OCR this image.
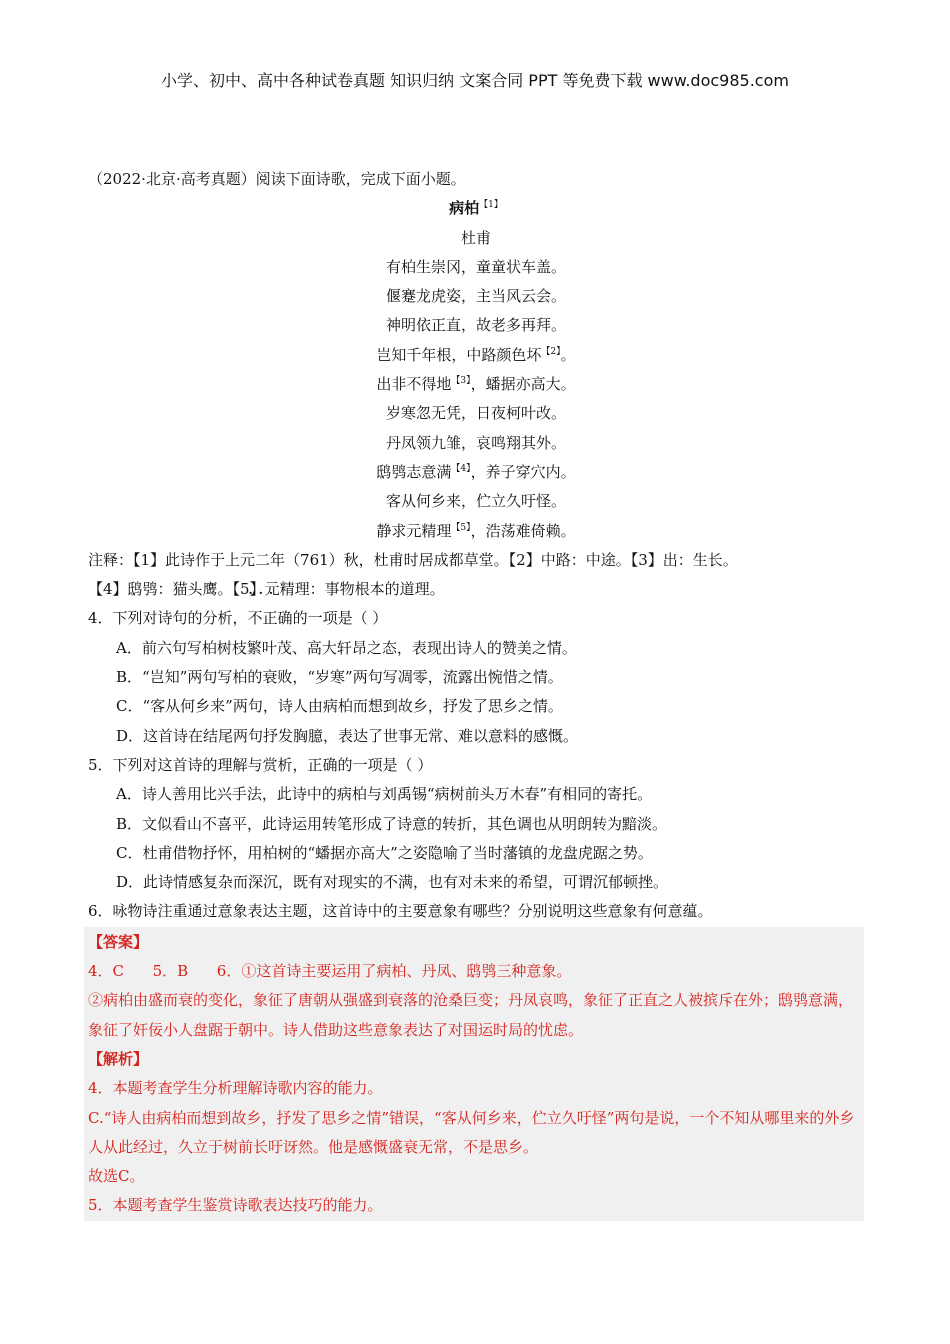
小学、初中、高中各种试卷真题 知识归纳 文案合同 PPT 等免费下载 www.doc985.com
（2022·北京·高考真题）阅读下面诗歌，完成下面小题。
病柏$^{【1】}$
杜甫
有柏生崇冈，童童状车盖。
偃蹇龙虎姿，主当风云会。
神明依正直，故老多再拜。
岂知千年根，中路颜色坏$^{【2】}$。
出非不得地$^{【3】}$，蟠据亦高大。
岁寒忽无凭，日夜柯叶改。
丹凤领九雏，哀鸣翔其外。
鸱鸮志意满$^{【4】}$，养子穿穴内。
客从何乡来，伫立久吁怪。
静求元精理$^{【5】}$，浩荡难倚赖。
注释：【1】此诗作于上元二年（761）秋，杜甫时居成都草堂。【2】中路：中途。【3】出：生长。
【4】鸱鸮：猫头鹰。【5】元精理：事物根本的道理。
4．下列对诗句的分析，· · · 不正确的一项是（ ）
A．前六句写柏树枝繁叶茂、高大轩昂之态，表现出诗人的赞美之情。
B．“岂知”两句写柏的衰败，“岁寒”两句写凋零，流露出惋惜之情。
C．“客从何乡来”两句，诗人由病柏而想到故乡，抒发了思乡之情。
D．这首诗在结尾两句抒发胸臆，表达了世事无常、难以意料的感慨。
5．下列对这首诗的理解与赏析，正确的一项是（ ）
A．诗人善用比兴手法，此诗中的病柏与刘禹锡“病树前头万木春”有相同的寄托。
B．文似看山不喜平，此诗运用转笔形成了诗意的转折，其色调也从明朗转为黯淡。
C．杜甫借物抒怀，用柏树的“蟠据亦高大”之姿隐喻了当时藩镇的龙盘虎踞之势。
D．此诗情感复杂而深沉，既有对现实的不满，也有对未来的希望，可谓沉郁顿挫。
6．咏物诗注重通过意象表达主题，这首诗中的主要意象有哪些？分别说明这些意象有何意蕴。
【答案】
4．C      5．B      6．①这首诗主要运用了病柏、丹凤、鸱鸮三种意象。
②病柏由盛而衰的变化，象征了唐朝从强盛到衰落的沧桑巨变；丹凤哀鸣，象征了正直之人被摈斥在外；鸱鸮意满，象征了奸佞小人盘踞于朝中。诗人借助这些意象表达了对国运时局的忧虑。
【解析】
4．本题考查学生分析理解诗歌内容的能力。
C.“诗人由病柏而想到故乡，抒发了思乡之情”错误，“客从何乡来，伫立久吁怪”两句是说，一个不知从哪里来的外乡人从此经过，久立于树前长吁讶然。他是感慨盛衰无常，不是思乡。
故选C。
5．本题考查学生鉴赏诗歌表达技巧的能力。
